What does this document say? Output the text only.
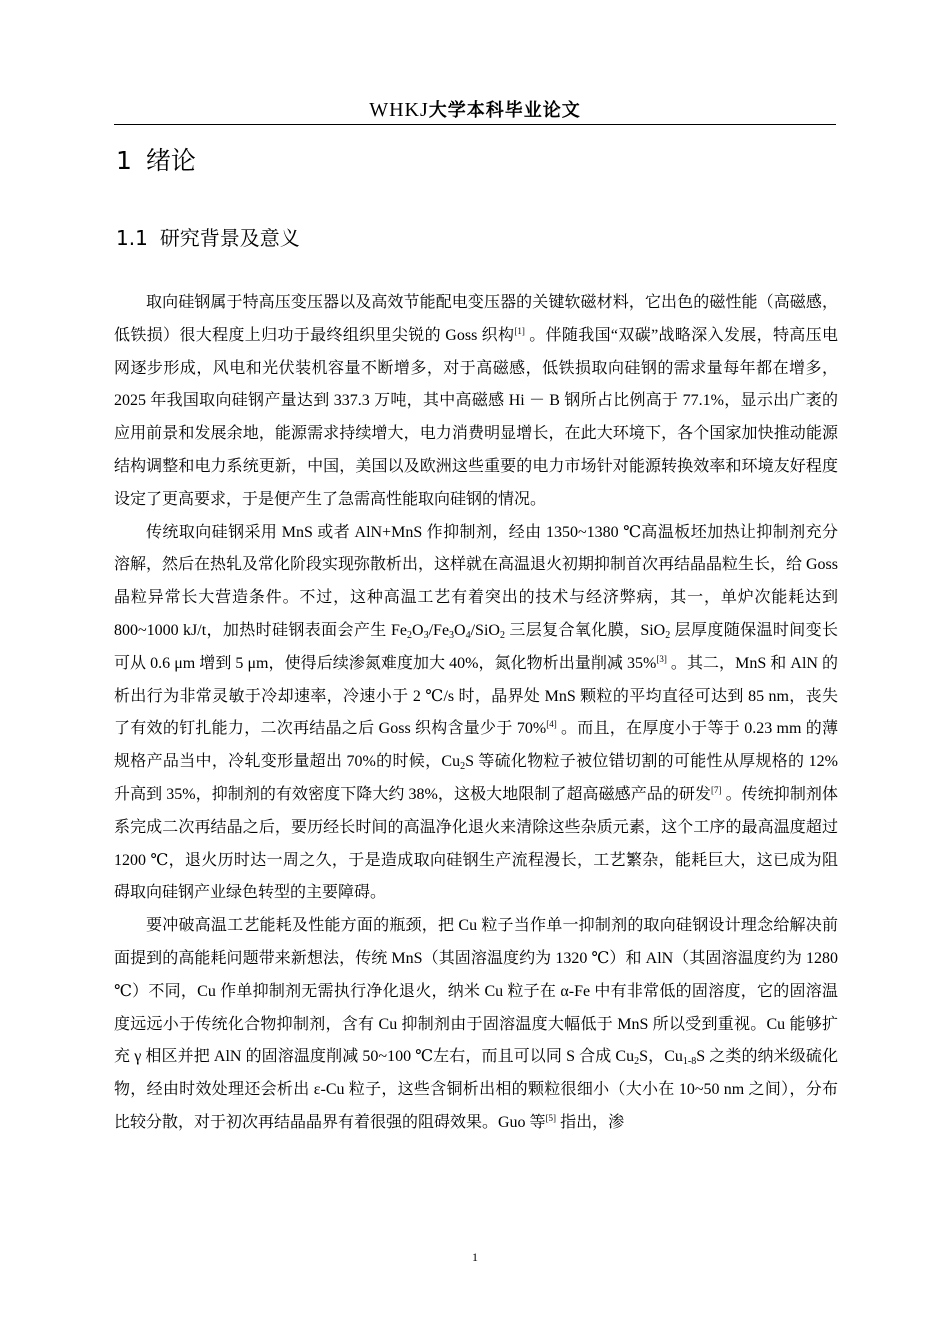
WHKJ大学本科毕业论文
1 绪论
1.1 研究背景及意义

取向硅钢属于特高压变压器以及高效节能配电变压器的关键软磁材料，它出色的磁性能（高磁感，低铁损）很大程度上归功于最终组织里尖锐的 Goss 织构[1] 。伴随我国“双碳”战略深入发展，特高压电网逐步形成，风电和光伏装机容量不断增多，对于高磁感，低铁损取向硅钢的需求量每年都在增多，2025 年我国取向硅钢产量达到 337.3 万吨，其中高磁感 Hi － B 钢所占比例高于 77.1%，显示出广袤的应用前景和发展余地，能源需求持续增大，电力消费明显增长，在此大环境下，各个国家加快推动能源结构调整和电力系统更新，中国，美国以及欧洲这些重要的电力市场针对能源转换效率和环境友好程度设定了更高要求，于是便产生了急需高性能取向硅钢的情况。

传统取向硅钢采用 MnS 或者 AlN+MnS 作抑制剂，经由 1350~1380 ℃高温板坯加热让抑制剂充分溶解，然后在热轧及常化阶段实现弥散析出，这样就在高温退火初期抑制首次再结晶晶粒生长，给 Goss 晶粒异常长大营造条件。不过，这种高温工艺有着突出的技术与经济弊病，其一，单炉次能耗达到 800~1000 kJ/t，加热时硅钢表面会产生 $Fe_2O_3/Fe_3O_4/SiO_2$ 三层复合氧化膜，SiO$_2$ 层厚度随保温时间变长可从 0.6 μm 增到 5 μm，使得后续渗氮难度加大 40%，氮化物析出量削减 35%[3] 。其二，MnS 和 AlN 的析出行为非常灵敏于冷却速率，冷速小于 2 ℃/s 时，晶界处 MnS 颗粒的平均直径可达到 85 nm，丧失了有效的钉扎能力，二次再结晶之后 Goss 织构含量少于 70%[4] 。而且，在厚度小于等于 0.23 mm 的薄规格产品当中，冷轧变形量超出 70%的时候，$Cu_2S$ 等硫化物粒子被位错切割的可能性从厚规格的 12%升高到 35%，抑制剂的有效密度下降大约 38%，这极大地限制了超高磁感产品的研发[7] 。传统抑制剂体系完成二次再结晶之后，要历经长时间的高温净化退火来清除这些杂质元素，这个工序的最高温度超过 1200 ℃，退火历时达一周之久，于是造成取向硅钢生产流程漫长，工艺繁杂，能耗巨大，这已成为阻碍取向硅钢产业绿色转型的主要障碍。

要冲破高温工艺能耗及性能方面的瓶颈，把 Cu 粒子当作单一抑制剂的取向硅钢设计理念给解决前面提到的高能耗问题带来新想法，传统 MnS（其固溶温度约为 1320 ℃）和 AlN（其固溶温度约为 1280 ℃）不同，Cu 作单抑制剂无需执行净化退火，纳米 Cu 粒子在 α-Fe 中有非常低的固溶度，它的固溶温度远远小于传统化合物抑制剂，含有 Cu 抑制剂由于固溶温度大幅低于 MnS 所以受到重视。Cu 能够扩充 γ 相区并把 AlN 的固溶温度削减 50~100 ℃左右，而且可以同 S 合成 $Cu_2S$，$Cu_{1-8}S$ 之类的纳米级硫化物，经由时效处理还会析出 ε-Cu 粒子，这些含铜析出相的颗粒很细小（大小在 10~50 nm 之间），分布比较分散，对于初次再结晶晶界有着很强的阻碍效果。Guo 等[5] 指出，渗

1
